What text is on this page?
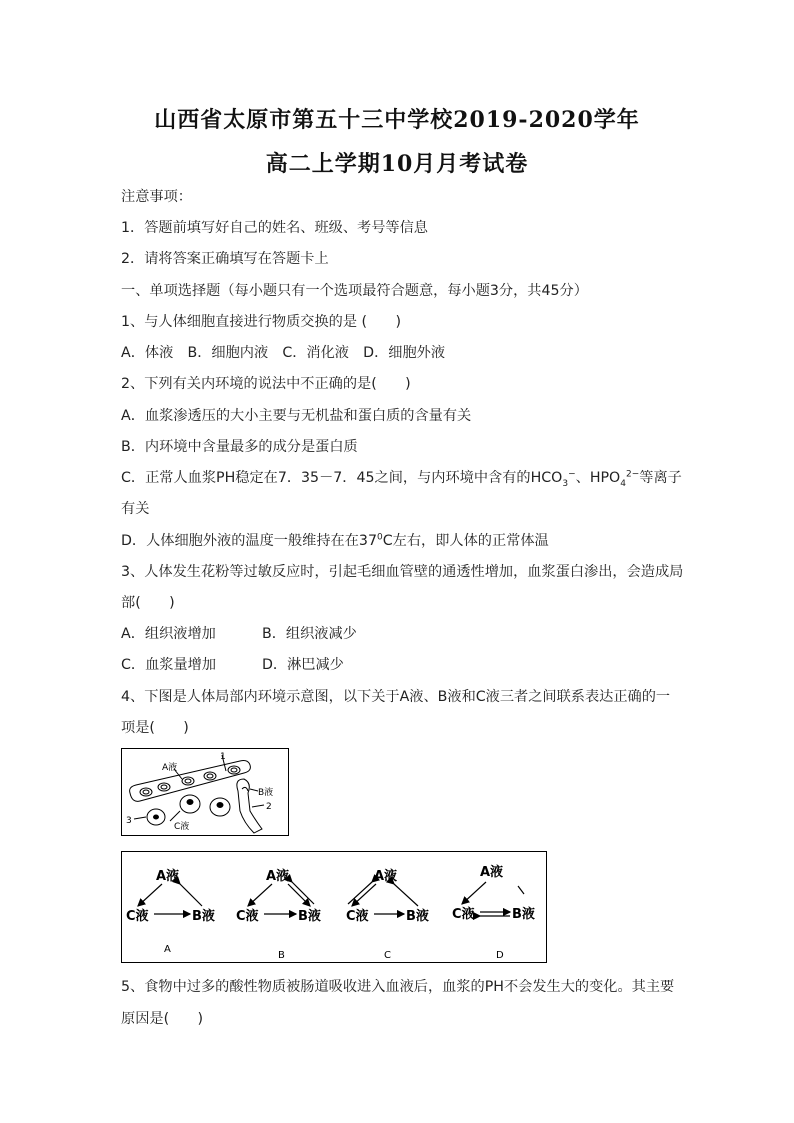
山西省太原市第五十三中学校2019-2020学年
高二上学期10月月考试卷
注意事项：
1．答题前填写好自己的姓名、班级、考号等信息
2．请将答案正确填写在答题卡上
一、单项选择题（每小题只有一个选项最符合题意，每小题3分，共45分）
1、与人体细胞直接进行物质交换的是 (　　)
A．体液　B．细胞内液　C．消化液　D．细胞外液
2、下列有关内环境的说法中不正确的是(　　)
A．血浆渗透压的大小主要与无机盐和蛋白质的含量有关
B．内环境中含量最多的成分是蛋白质
C．正常人血浆PH稳定在7．35－7．45之间，与内环境中含有的$HCO_3^-$、$HPO_4^{2-}$等离子
有关
D．人体细胞外液的温度一般维持在在$37^0C$左右，即人体的正常体温
3、人体发生花粉等过敏反应时，引起毛细血管壁的通透性增加，血浆蛋白渗出，会造成局
部(　　)
A．组织液增加	B．组织液减少
C．血浆量增加	D．淋巴减少
4、下图是人体局部内环境示意图，以下关于A液、B液和C液三者之间联系表达正确的一
项是(　　)
1
A液
B液
2
3
C液
A液
C液	B液
A
A液
C液	B液
B
A液
C液	B液
C
A液
C液	B液
D
5、食物中过多的酸性物质被肠道吸收进入血液后，血浆的PH不会发生大的变化。其主要
原因是(　　)
